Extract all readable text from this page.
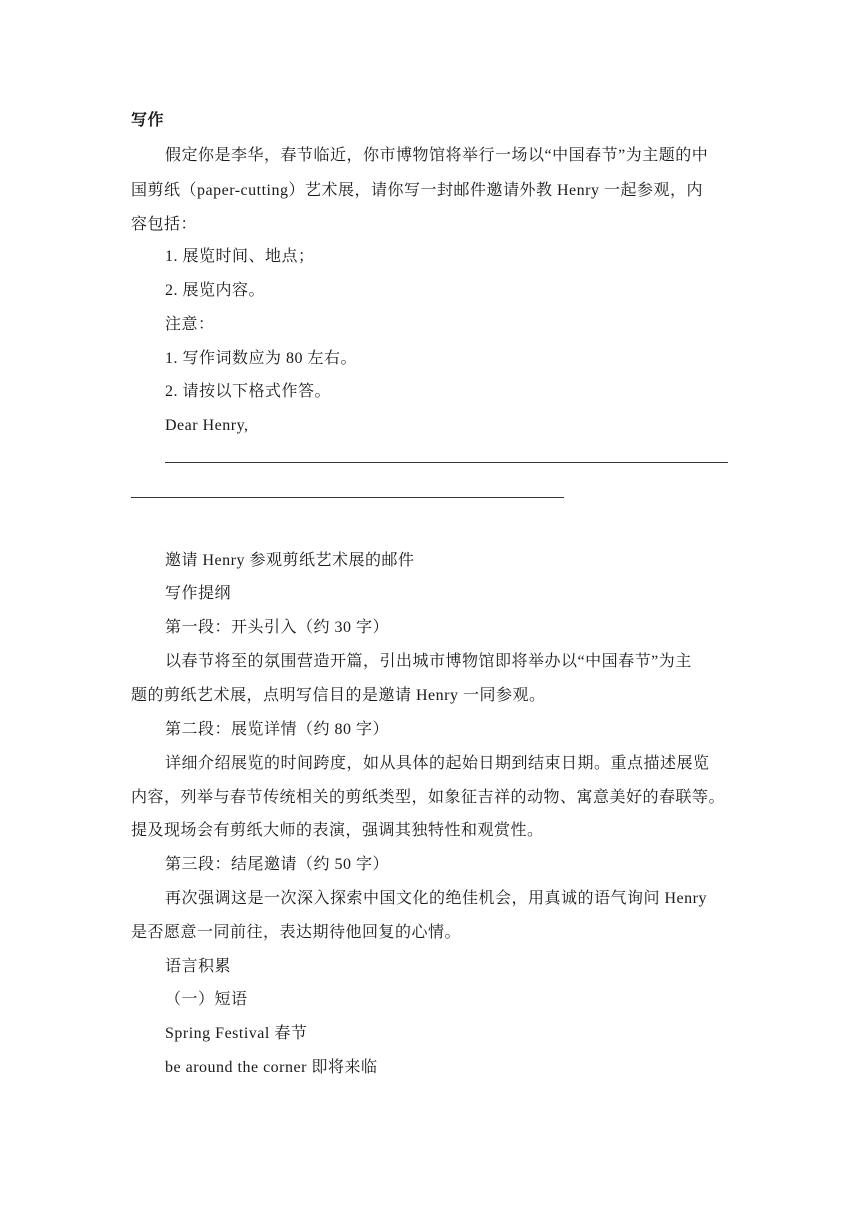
写作
假定你是李华，春节临近，你市博物馆将举行一场以“中国春节”为主题的中
国剪纸（paper-cutting）艺术展，请你写一封邮件邀请外教 Henry 一起参观，内
容包括：
1. 展览时间、地点；
2. 展览内容。
注意：
1. 写作词数应为 80 左右。
2. 请按以下格式作答。
Dear Henry,
邀请 Henry 参观剪纸艺术展的邮件
写作提纲
第一段：开头引入（约 30 字）
以春节将至的氛围营造开篇，引出城市博物馆即将举办以“中国春节”为主
题的剪纸艺术展，点明写信目的是邀请 Henry 一同参观。
第二段：展览详情（约 80 字）
详细介绍展览的时间跨度，如从具体的起始日期到结束日期。重点描述展览
内容，列举与春节传统相关的剪纸类型，如象征吉祥的动物、寓意美好的春联等。
提及现场会有剪纸大师的表演，强调其独特性和观赏性。
第三段：结尾邀请（约 50 字）
再次强调这是一次深入探索中国文化的绝佳机会，用真诚的语气询问 Henry
是否愿意一同前往，表达期待他回复的心情。
语言积累
（一）短语
Spring Festival 春节
be around the corner 即将来临
